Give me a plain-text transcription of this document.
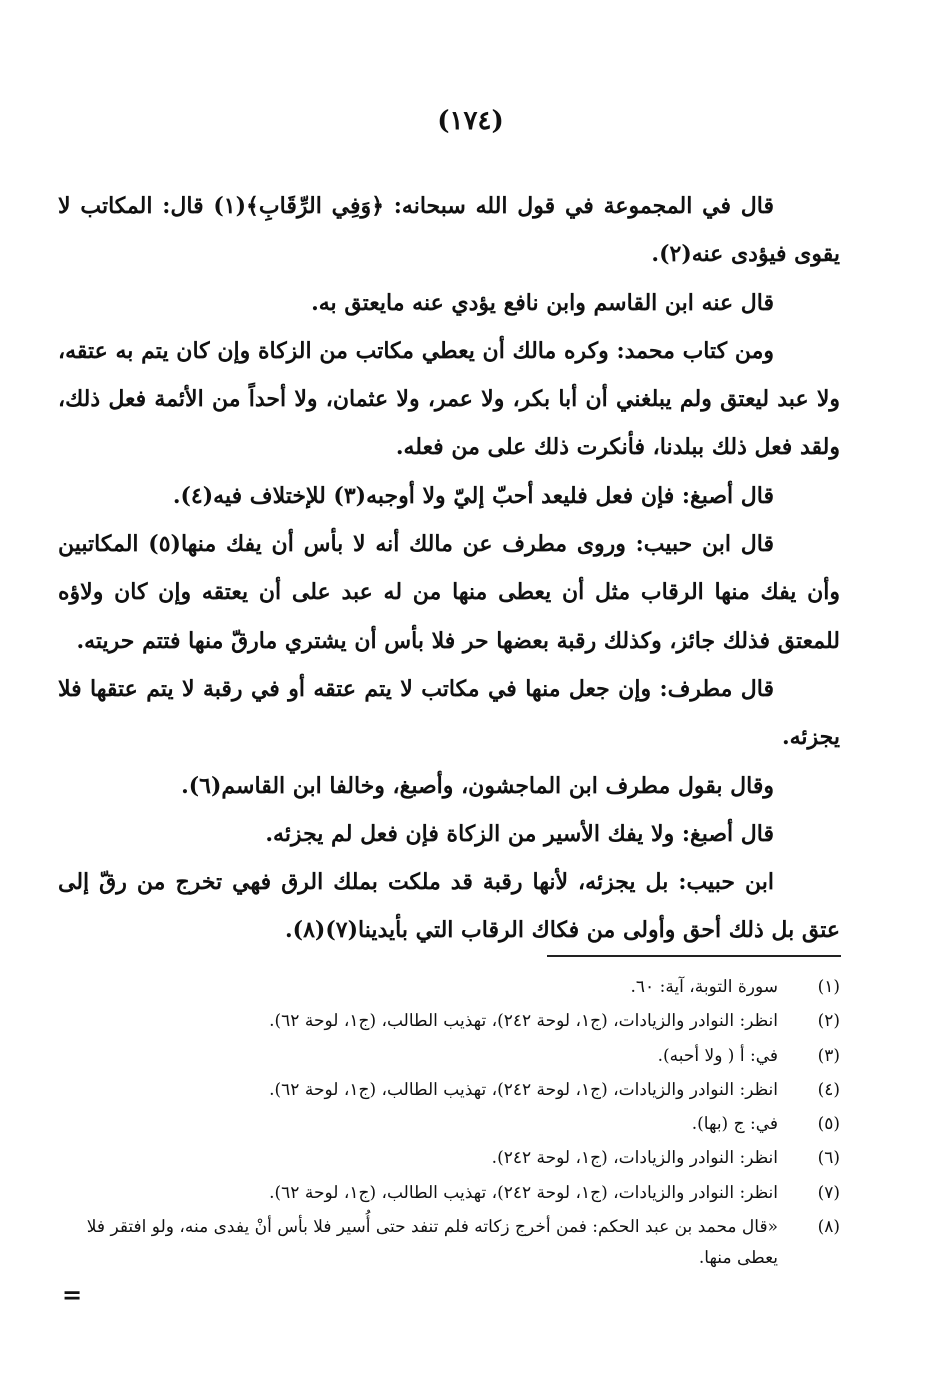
(١٧٤)

قال في المجموعة في قول الله سبحانه: ﴿وَفِي الرِّقَابِ﴾(١) قال: المكاتب لا يقوى فيؤدى عنه(٢).

قال عنه ابن القاسم وابن نافع يؤدي عنه مايعتق به.

ومن كتاب محمد: وكره مالك أن يعطي مكاتب من الزكاة وإن كان يتم به عتقه، ولا عبد ليعتق ولم يبلغني أن أبا بكر، ولا عمر، ولا عثمان، ولا أحداً من الأئمة فعل ذلك، ولقد فعل ذلك ببلدنا، فأنكرت ذلك على من فعله.

قال أصبغ: فإن فعل فليعد أحبّ إليّ ولا أوجبه(٣) للإختلاف فيه(٤).

قال ابن حبيب: وروى مطرف عن مالك أنه لا بأس أن يفك منها(٥) المكاتبين وأن يفك منها الرقاب مثل أن يعطى منها من له عبد على أن يعتقه وإن كان ولاؤه للمعتق فذلك جائز، وكذلك رقبة بعضها حر فلا بأس أن يشتري مارقّ منها فتتم حريته.

قال مطرف: وإن جعل منها في مكاتب لا يتم عتقه أو في رقبة لا يتم عتقها فلا يجزئه.

وقال بقول مطرف ابن الماجشون، وأصبغ، وخالفا ابن القاسم(٦).

قال أصبغ: ولا يفك الأسير من الزكاة فإن فعل لم يجزئه.

ابن حبيب: بل يجزئه، لأنها رقبة قد ملكت بملك الرق فهي تخرج من رقّ إلى عتق بل ذلك أحق وأولى من فكاك الرقاب التي بأيدينا(٧)(٨).

(١)
سورة التوبة، آية: ٦٠.
(٢)
انظر: النوادر والزيادات، (ج١، لوحة ٢٤٢)، تهذيب الطالب، (ج١، لوحة ٦٢).
(٣)
في: أ ( ولا أحبه).
(٤)
انظر: النوادر والزيادات، (ج١، لوحة ٢٤٢)، تهذيب الطالب، (ج١، لوحة ٦٢).
(٥)
في: ج (بها).
(٦)
انظر: النوادر والزيادات، (ج١، لوحة ٢٤٢).
(٧)
انظر: النوادر والزيادات، (ج١، لوحة ٢٤٢)، تهذيب الطالب، (ج١، لوحة ٦٢).
(٨)
«قال محمد بن عبد الحكم: فمن أخرج زكاته فلم تنفد حتى أُسير فلا بأس أنْ يفدى منه، ولو افتقر فلا يعطى منها.
=
